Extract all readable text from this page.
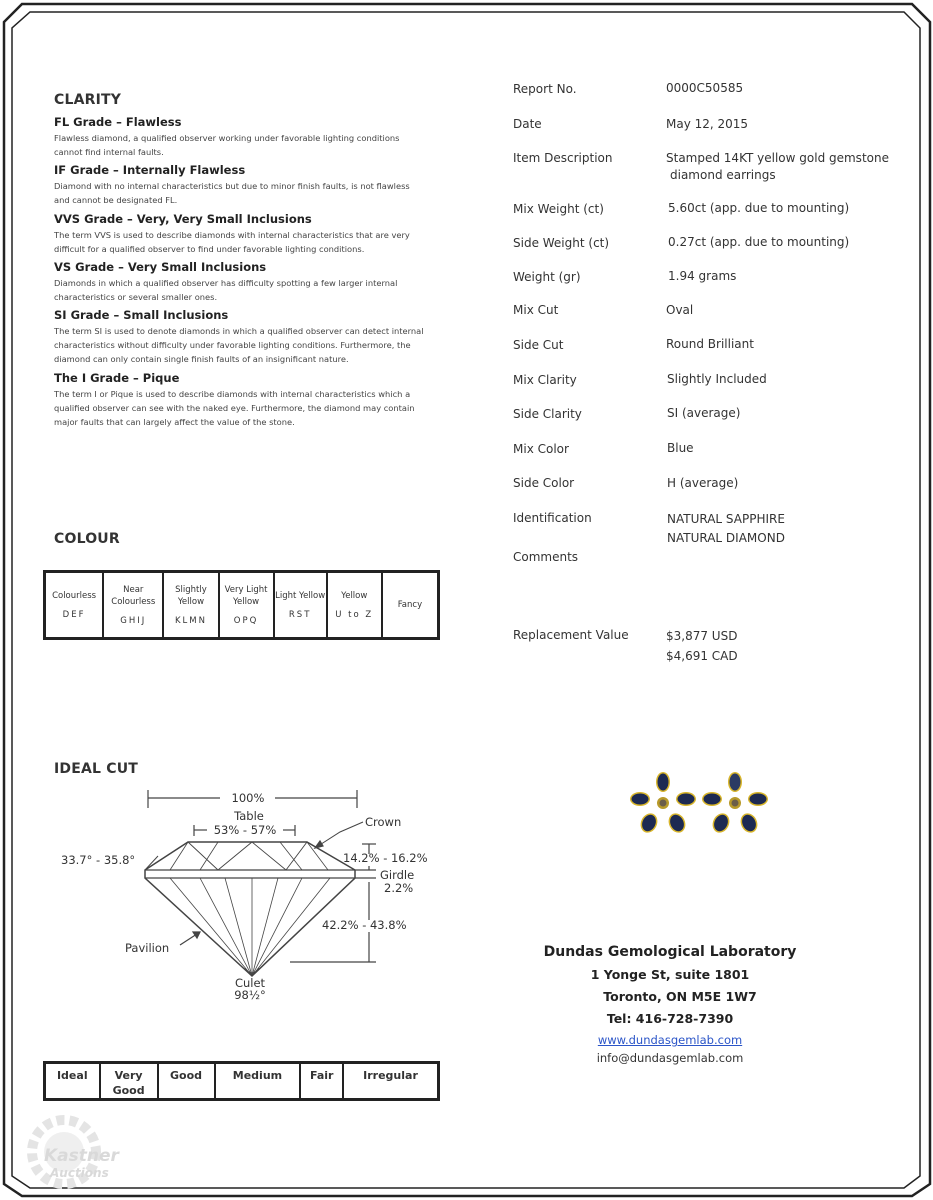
CLARITY
FL Grade – Flawless
Flawless diamond, a qualified observer working under favorable lighting conditions
cannot find internal faults.
IF Grade – Internally Flawless
Diamond with no internal characteristics but due to minor finish faults, is not flawless
and cannot be designated FL.
VVS Grade – Very, Very Small Inclusions
The term VVS is used to describe diamonds with internal characteristics that are very
difficult for a qualified observer to find under favorable lighting conditions.
VS Grade – Very Small Inclusions
Diamonds in which a qualified observer has difficulty spotting a few larger internal
characteristics or several smaller ones.
SI Grade – Small Inclusions
The term SI is used to denote diamonds in which a qualified observer can detect internal
characteristics without difficulty under favorable lighting conditions. Furthermore, the
diamond can only contain single finish faults of an insignificant nature.
The I Grade – Pique
The term I or Pique is used to describe diamonds with internal characteristics which a
qualified observer can see with the naked eye. Furthermore, the diamond may contain
major faults that can largely affect the value of the stone.
COLOUR
Colourless
DEF

Near Colourless
GHIJ

Slightly Yellow
KLMN

Very Light Yellow
OPQ

Light Yellow
RST

Yellow
U to Z

Fancy
IDEAL CUT
100%
Table
53% - 57%
Crown
33.7° - 35.8°	14.2% - 16.2%
Girdle
2.2%
42.2% - 43.8%
Pavilion
Culet
98½°
Ideal	Very Good	Good	Medium	Fair	Irregular
Report No.	0000C50585
Date	May 12, 2015
Item Description	Stamped 14KT yellow gold gemstone
diamond earrings
Mix Weight (ct)	5.60ct (app. due to mounting)
Side Weight (ct)	0.27ct (app. due to mounting)
Weight (gr)	1.94 grams
Mix Cut	Oval
Side Cut	Round Brilliant
Mix Clarity	Slightly Included
Side Clarity	SI (average)
Mix Color	Blue
Side Color	H (average)
Identification	NATURAL SAPPHIRE
NATURAL DIAMOND
Comments
Replacement Value	$3,877 USD
$4,691 CAD
Dundas Gemological Laboratory
1 Yonge St, suite 1801
Toronto, ON M5E 1W7
Tel: 416-728-7390
www.dundasgemlab.com
info@dundasgemlab.com
Kastner
Auctions
